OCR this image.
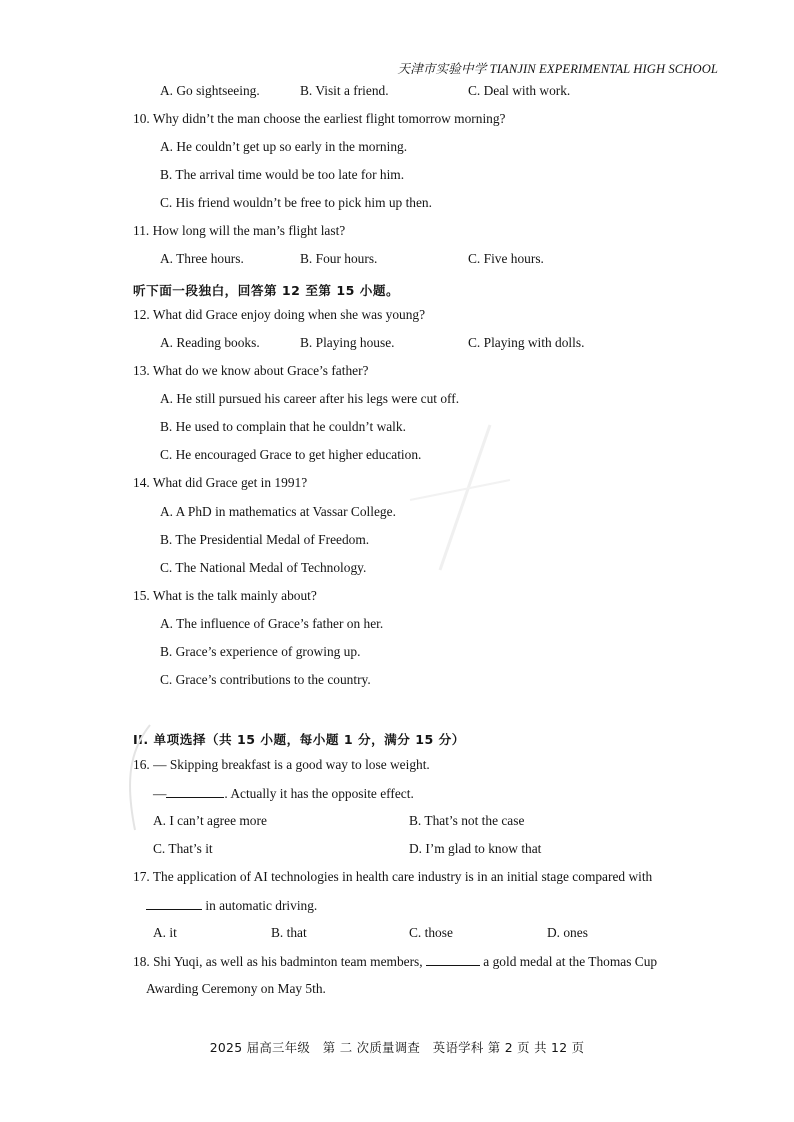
天津市实验中学 TIANJIN EXPERIMENTAL HIGH SCHOOL
A. Go sightseeing.	B. Visit a friend.	C. Deal with work.
10. Why didn’t the man choose the earliest flight tomorrow morning?
A. He couldn’t get up so early in the morning.
B. The arrival time would be too late for him.
C. His friend wouldn’t be free to pick him up then.
11. How long will the man’s flight last?
A. Three hours.	B. Four hours.	C. Five hours.
听下面一段独白，回答第 12 至第 15 小题。
12. What did Grace enjoy doing when she was young?
A. Reading books.	B. Playing house.	C. Playing with dolls.
13. What do we know about Grace’s father?
A. He still pursued his career after his legs were cut off.
B. He used to complain that he couldn’t walk.
C. He encouraged Grace to get higher education.
14. What did Grace get in 1991?
A. A PhD in mathematics at Vassar College.
B. The Presidential Medal of Freedom.
C. The National Medal of Technology.
15. What is the talk mainly about?
A. The influence of Grace’s father on her.
B. Grace’s experience of growing up.
C. Grace’s contributions to the country.
II. 单项选择（共 15 小题，每小题 1 分，满分 15 分）
16. — Skipping breakfast is a good way to lose weight.
—	. Actually it has the opposite effect.
A. I can’t agree more	B. That’s not the case
C. That’s it	D. I’m glad to know that
17. The application of AI technologies in health care industry is in an initial stage compared with
in automatic driving.
A. it	B. that	C. those	D. ones
18. Shi Yuqi, as well as his badminton team members,	a gold medal at the Thomas Cup
Awarding Ceremony on May 5th.
2025 届高三年级　第 二 次质量调查　英语学科 第 2 页 共 12 页
